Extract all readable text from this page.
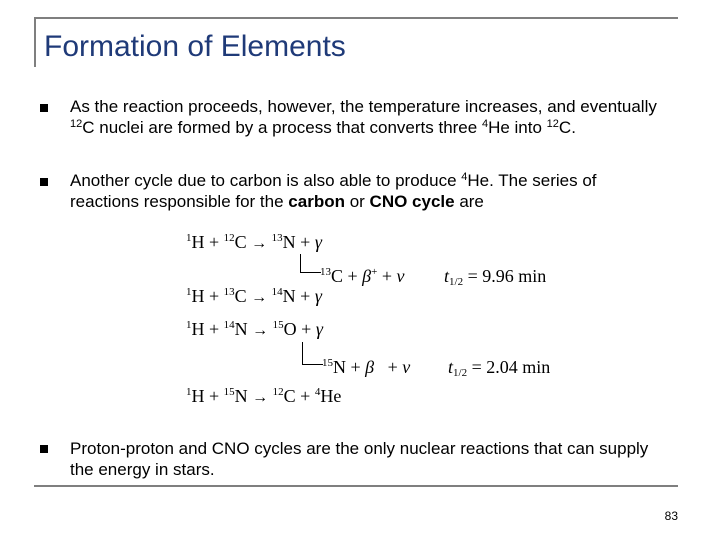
Formation of Elements
As the reaction proceeds, however, the temperature increases, and eventually $^{12}$C nuclei are formed by a process that converts three $^4$He into $^{12}$C.
Another cycle due to carbon is also able to produce $^4$He. The series of reactions responsible for the carbon or CNO cycle are
$^1$H + $^{12}$C → $^{13}$N + γ
$^{13}$C + β+ + ν $t_{1/2} = 9.96$ min
$^1$H + $^{13}$C → $^{14}$N + γ
$^1$H + $^{14}$N → $^{15}$O + γ
$^{15}$N + β + ν $t_{1/2} = 2.04$ min
$^1$H + $^{15}$N → $^{12}$C + $^4$He
Proton-proton and CNO cycles are the only nuclear reactions that can supply the energy in stars.
83
